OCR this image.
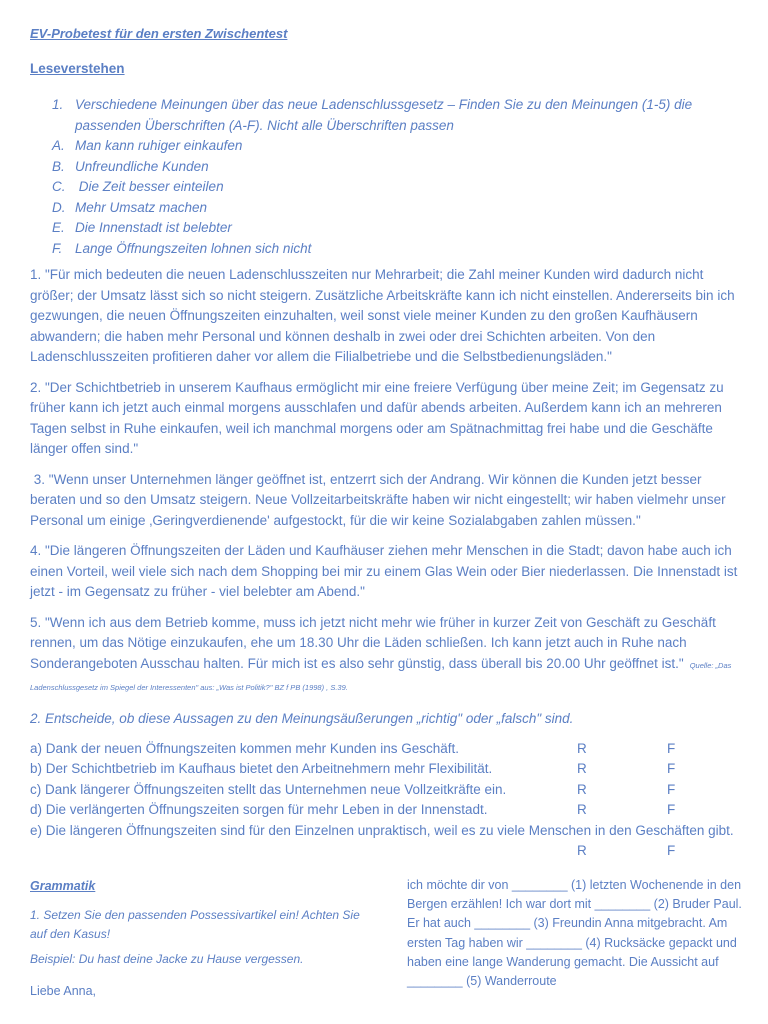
EV-Probetest für den ersten Zwischentest
Leseverstehen
1. Verschiedene Meinungen über das neue Ladenschlussgesetz – Finden Sie zu den Meinungen (1-5) die passenden Überschriften (A-F). Nicht alle Überschriften passen
A. Man kann ruhiger einkaufen
B. Unfreundliche Kunden
C. Die Zeit besser einteilen
D. Mehr Umsatz machen
E. Die Innenstadt ist belebter
F. Lange Öffnungszeiten lohnen sich nicht

1. "Für mich bedeuten die neuen Ladenschlusszeiten nur Mehrarbeit; die Zahl meiner Kunden wird dadurch nicht größer; der Umsatz lässt sich so nicht steigern. Zusätzliche Arbeitskräfte kann ich nicht einstellen. Andererseits bin ich gezwungen, die neuen Öffnungszeiten einzuhalten, weil sonst viele meiner Kunden zu den großen Kaufhäusern abwandern; die haben mehr Personal und können deshalb in zwei oder drei Schichten arbeiten. Von den Ladenschlusszeiten profitieren daher vor allem die Filialbetriebe und die Selbstbedienungsläden."

2. "Der Schichtbetrieb in unserem Kaufhaus ermöglicht mir eine freiere Verfügung über meine Zeit; im Gegensatz zu früher kann ich jetzt auch einmal morgens ausschlafen und dafür abends arbeiten. Außerdem kann ich an mehreren Tagen selbst in Ruhe einkaufen, weil ich manchmal morgens oder am Spätnachmittag frei habe und die Geschäfte länger offen sind."

3. "Wenn unser Unternehmen länger geöffnet ist, entzerrt sich der Andrang. Wir können die Kunden jetzt besser beraten und so den Umsatz steigern. Neue Vollzeitarbeitskräfte haben wir nicht eingestellt; wir haben vielmehr unser Personal um einige ‚Geringverdienende' aufgestockt, für die wir keine Sozialabgaben zahlen müssen."

4. "Die längeren Öffnungszeiten der Läden und Kaufhäuser ziehen mehr Menschen in die Stadt; davon habe auch ich einen Vorteil, weil viele sich nach dem Shopping bei mir zu einem Glas Wein oder Bier niederlassen. Die Innenstadt ist jetzt - im Gegensatz zu früher - viel belebter am Abend."

5. "Wenn ich aus dem Betrieb komme, muss ich jetzt nicht mehr wie früher in kurzer Zeit von Geschäft zu Geschäft rennen, um das Nötige einzukaufen, ehe um 18.30 Uhr die Läden schließen. Ich kann jetzt auch in Ruhe nach Sonderangeboten Ausschau halten. Für mich ist es also sehr günstig, dass überall bis 20.00 Uhr geöffnet ist." Quelle: „Das Ladenschlussgesetz im Spiegel der Interessenten" aus: „Was ist Politik?" BZ f PB (1998) , S.39.

2. Entscheide, ob diese Aussagen zu den Meinungsäußerungen „richtig" oder „falsch" sind.
a) Dank der neuen Öffnungszeiten kommen mehr Kunden ins Geschäft.	R	F
b) Der Schichtbetrieb im Kaufhaus bietet den Arbeitnehmern mehr Flexibilität.	R	F
c) Dank längerer Öffnungszeiten stellt das Unternehmen neue Vollzeitkräfte ein.	R	F
d) Die verlängerten Öffnungszeiten sorgen für mehr Leben in der Innenstadt.	R	F
e) Die längeren Öffnungszeiten sind für den Einzelnen unpraktisch, weil es zu viele Menschen in den Geschäften gibt.
R	F
Grammatik
1. Setzen Sie den passenden Possessivartikel ein! Achten Sie auf den Kasus!
Beispiel: Du hast deine Jacke zu Hause vergessen.
Liebe Anna,
ich möchte dir von ________ (1) letzten Wochenende in den Bergen erzählen! Ich war dort mit ________ (2) Bruder Paul. Er hat auch ________ (3) Freundin Anna mitgebracht. Am ersten Tag haben wir ________ (4) Rucksäcke gepackt und haben eine lange Wanderung gemacht. Die Aussicht auf ________ (5) Wanderroute
